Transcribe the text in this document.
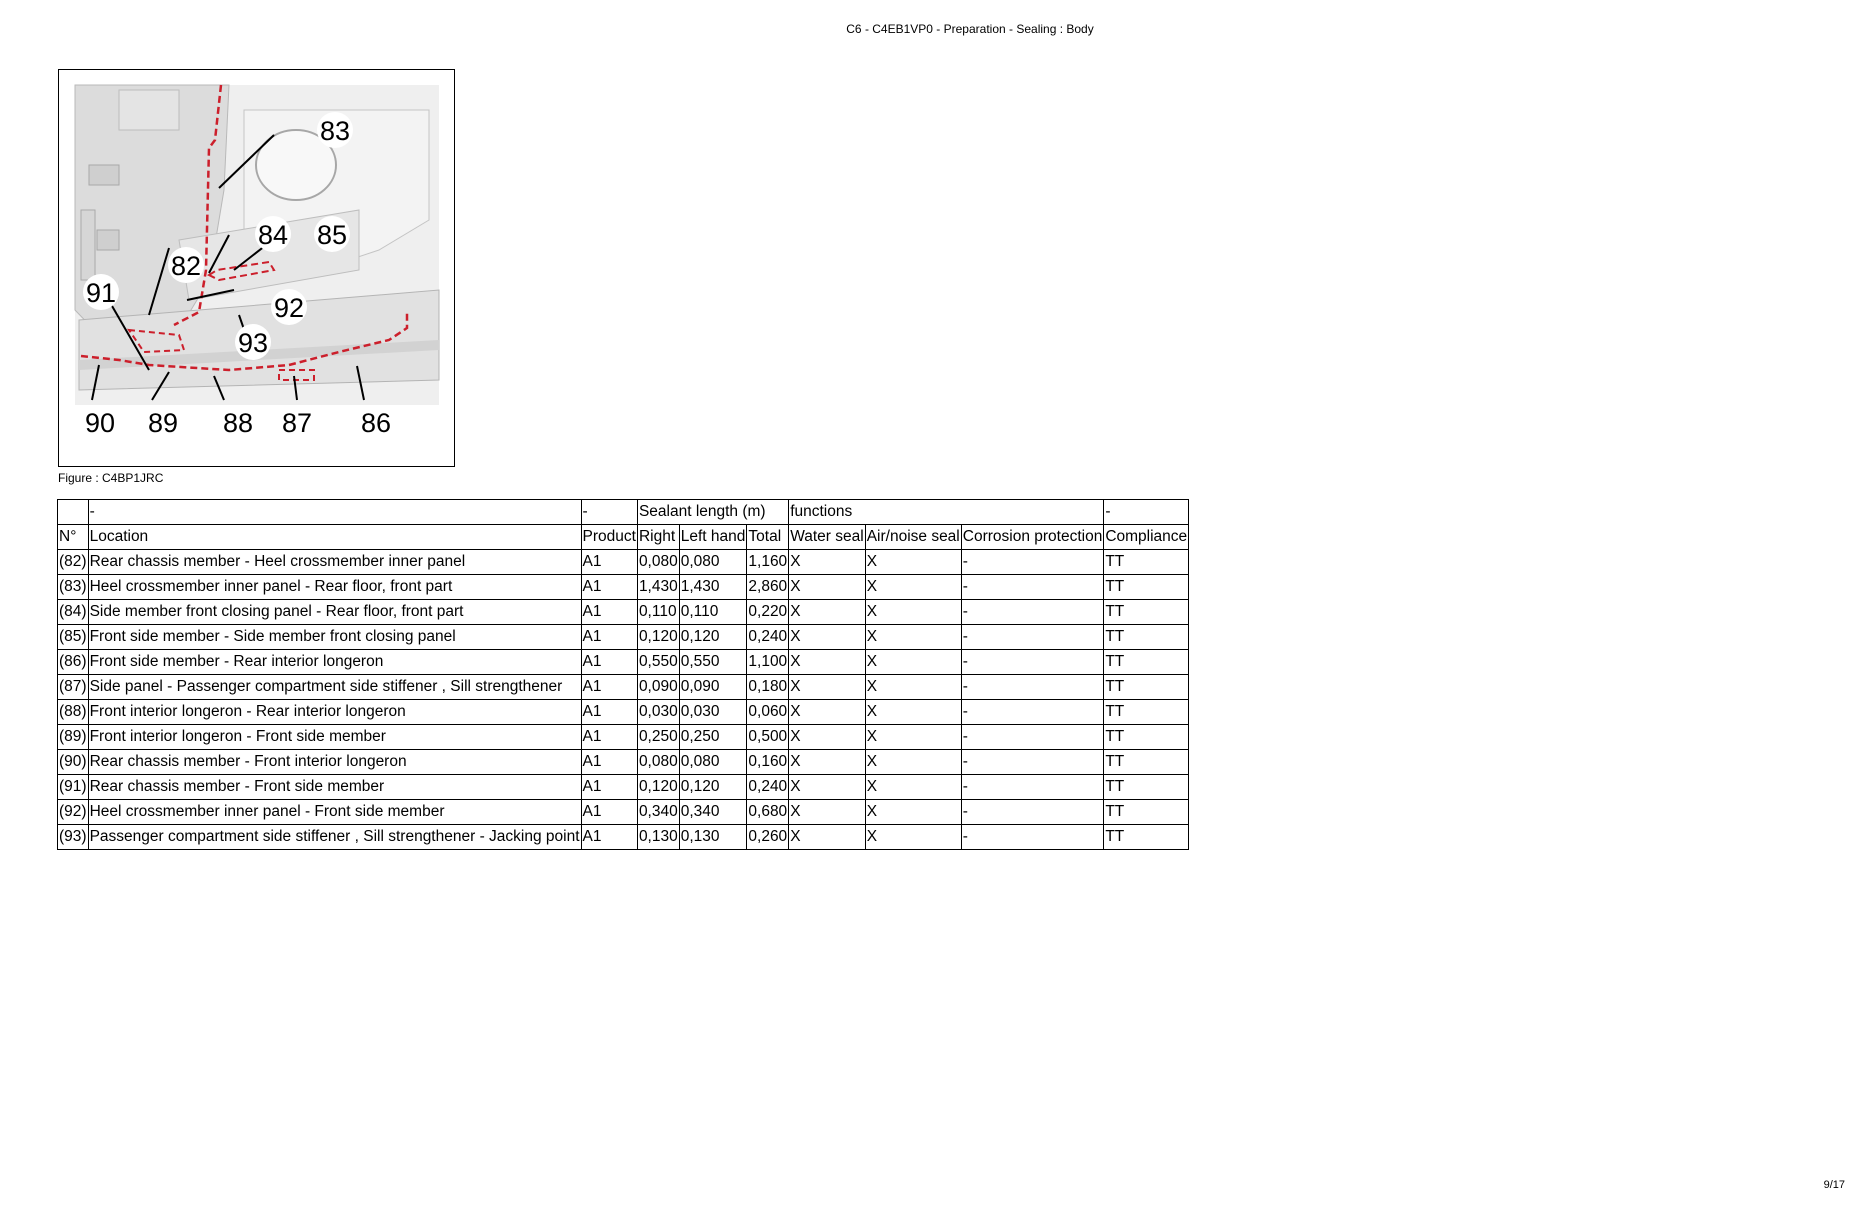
C6 - C4EB1VP0 - Preparation - Sealing : Body
83
82
84 85
91	92
93
90 89 88 87 86
Figure : C4BP1JRC
	-	-	Sealant length (m)			functions			-
N°	Location	Product	Right	Left hand	Total	Water seal	Air/noise seal	Corrosion protection	Compliance
(82)	Rear chassis member - Heel crossmember inner panel	A1	0,080	0,080	1,160	X	X	-	TT
(83)	Heel crossmember inner panel - Rear floor, front part	A1	1,430	1,430	2,860	X	X	-	TT
(84)	Side member front closing panel - Rear floor, front part	A1	0,110	0,110	0,220	X	X	-	TT
(85)	Front side member - Side member front closing panel	A1	0,120	0,120	0,240	X	X	-	TT
(86)	Front side member - Rear interior longeron	A1	0,550	0,550	1,100	X	X	-	TT
(87)	Side panel - Passenger compartment side stiffener , Sill strengthener	A1	0,090	0,090	0,180	X	X	-	TT
(88)	Front interior longeron - Rear interior longeron	A1	0,030	0,030	0,060	X	X	-	TT
(89)	Front interior longeron - Front side member	A1	0,250	0,250	0,500	X	X	-	TT
(90)	Rear chassis member - Front interior longeron	A1	0,080	0,080	0,160	X	X	-	TT
(91)	Rear chassis member - Front side member	A1	0,120	0,120	0,240	X	X	-	TT
(92)	Heel crossmember inner panel - Front side member	A1	0,340	0,340	0,680	X	X	-	TT
(93)	Passenger compartment side stiffener , Sill strengthener - Jacking point	A1	0,130	0,130	0,260	X	X	-	TT
9/17
